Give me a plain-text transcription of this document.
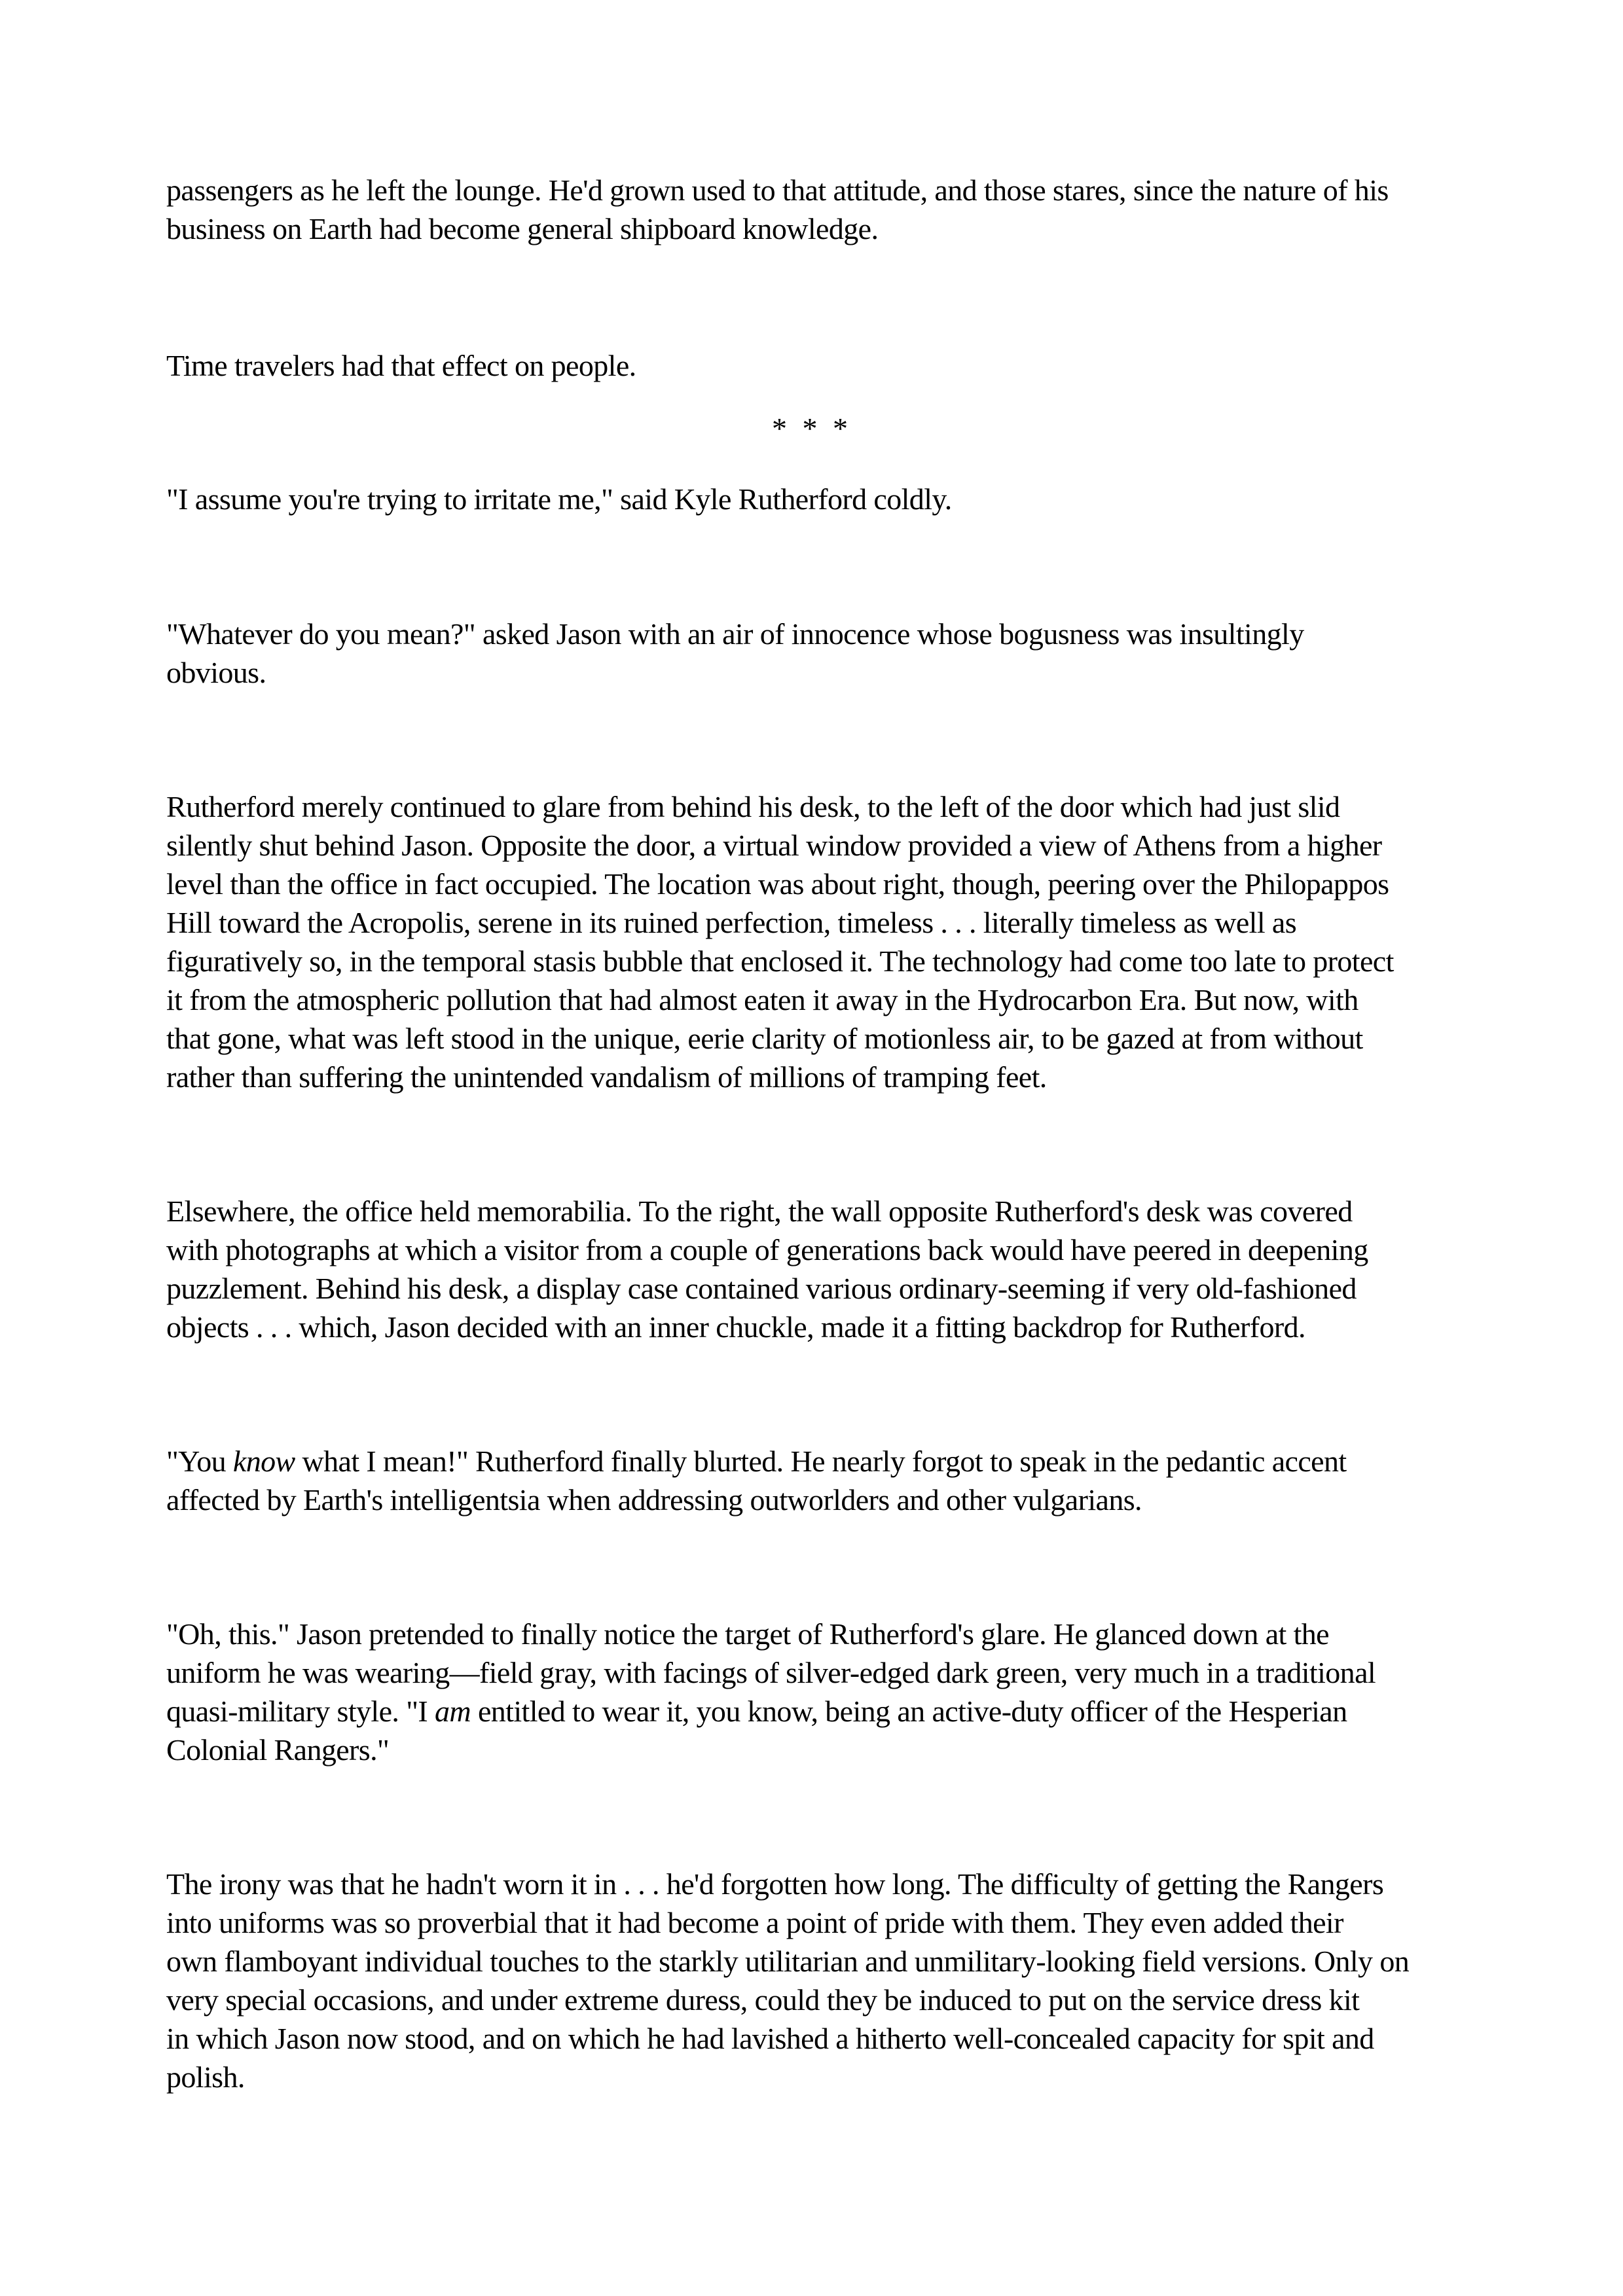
passengers as he left the lounge. He'd grown used to that attitude, and those stares, since the nature of his
business on Earth had become general shipboard knowledge.

Time travelers had that effect on people.

* * *

"I assume you're trying to irritate me," said Kyle Rutherford coldly.

"Whatever do you mean?" asked Jason with an air of innocence whose bogusness was insultingly
obvious.

Rutherford merely continued to glare from behind his desk, to the left of the door which had just slid
silently shut behind Jason. Opposite the door, a virtual window provided a view of Athens from a higher
level than the office in fact occupied. The location was about right, though, peering over the Philopappos
Hill toward the Acropolis, serene in its ruined perfection, timeless . . . literally timeless as well as
figuratively so, in the temporal stasis bubble that enclosed it. The technology had come too late to protect
it from the atmospheric pollution that had almost eaten it away in the Hydrocarbon Era. But now, with
that gone, what was left stood in the unique, eerie clarity of motionless air, to be gazed at from without
rather than suffering the unintended vandalism of millions of tramping feet.

Elsewhere, the office held memorabilia. To the right, the wall opposite Rutherford's desk was covered
with photographs at which a visitor from a couple of generations back would have peered in deepening
puzzlement. Behind his desk, a display case contained various ordinary-seeming if very old-fashioned
objects . . . which, Jason decided with an inner chuckle, made it a fitting backdrop for Rutherford.

"You know what I mean!" Rutherford finally blurted. He nearly forgot to speak in the pedantic accent
affected by Earth's intelligentsia when addressing outworlders and other vulgarians.

"Oh, this." Jason pretended to finally notice the target of Rutherford's glare. He glanced down at the
uniform he was wearing—field gray, with facings of silver-edged dark green, very much in a traditional
quasi-military style. "I am entitled to wear it, you know, being an active-duty officer of the Hesperian
Colonial Rangers."

The irony was that he hadn't worn it in . . . he'd forgotten how long. The difficulty of getting the Rangers
into uniforms was so proverbial that it had become a point of pride with them. They even added their
own flamboyant individual touches to the starkly utilitarian and unmilitary-looking field versions. Only on
very special occasions, and under extreme duress, could they be induced to put on the service dress kit
in which Jason now stood, and on which he had lavished a hitherto well-concealed capacity for spit and
polish.
